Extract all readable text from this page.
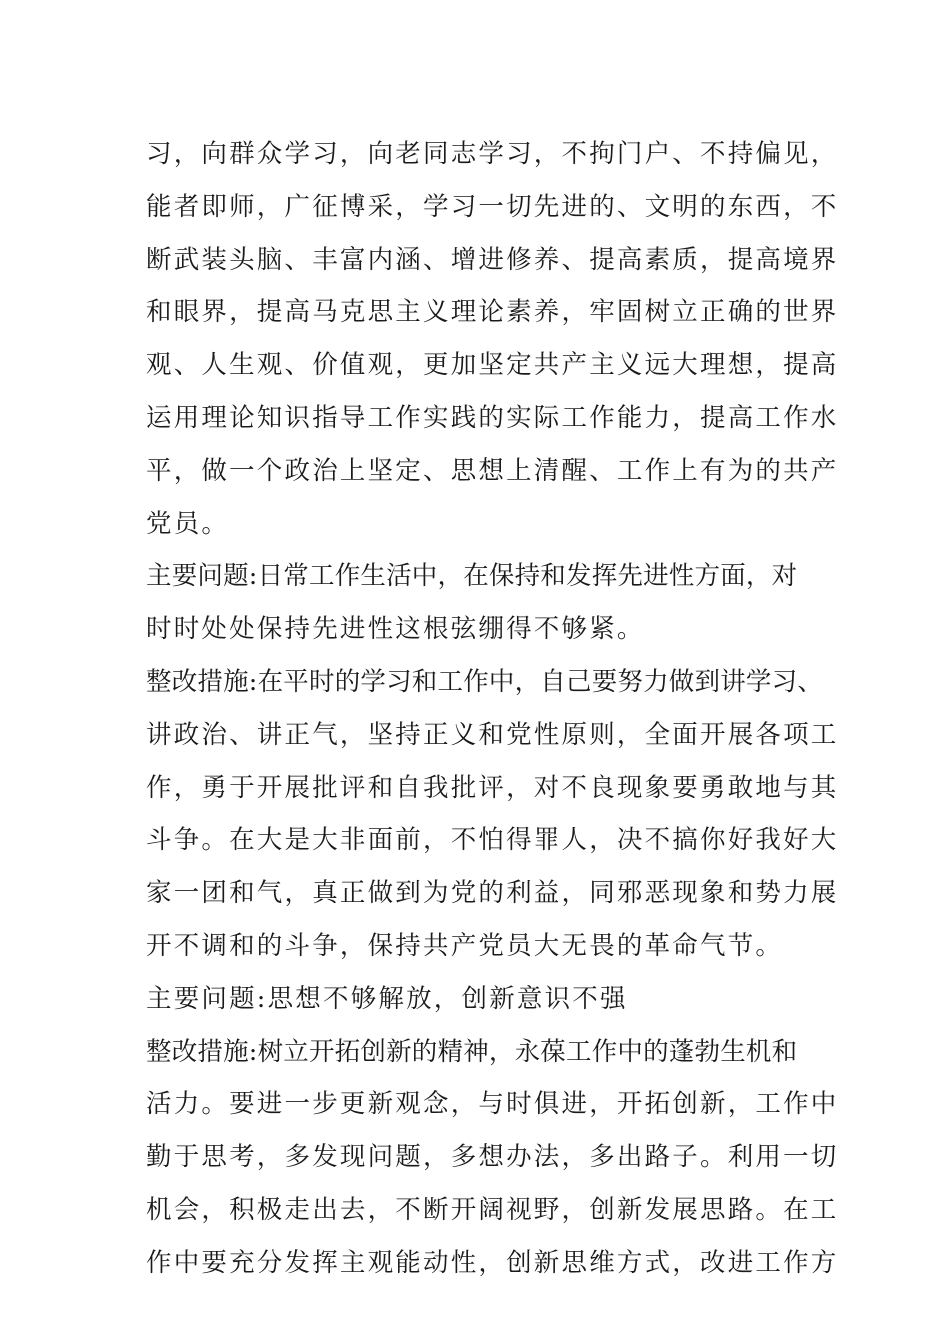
习，向群众学习，向老同志学习，不拘门户、不持偏见，
能者即师，广征博采，学习一切先进的、文明的东西，不
断武装头脑、丰富内涵、增进修养、提高素质，提高境界
和眼界，提高马克思主义理论素养，牢固树立正确的世界
观、人生观、价值观，更加坚定共产主义远大理想，提高
运用理论知识指导工作实践的实际工作能力，提高工作水
平，做一个政治上坚定、思想上清醒、工作上有为的共产
党员。
主要问题:日常工作生活中，在保持和发挥先进性方面，对
时时处处保持先进性这根弦绷得不够紧。
整改措施:在平时的学习和工作中，自己要努力做到讲学习、
讲政治、讲正气，坚持正义和党性原则，全面开展各项工
作，勇于开展批评和自我批评，对不良现象要勇敢地与其
斗争。在大是大非面前，不怕得罪人，决不搞你好我好大
家一团和气，真正做到为党的利益，同邪恶现象和势力展
开不调和的斗争，保持共产党员大无畏的革命气节。
主要问题:思想不够解放，创新意识不强
整改措施:树立开拓创新的精神，永葆工作中的蓬勃生机和
活力。要进一步更新观念，与时俱进，开拓创新，工作中
勤于思考，多发现问题，多想办法，多出路子。利用一切
机会，积极走出去，不断开阔视野，创新发展思路。在工
作中要充分发挥主观能动性，创新思维方式，改进工作方
